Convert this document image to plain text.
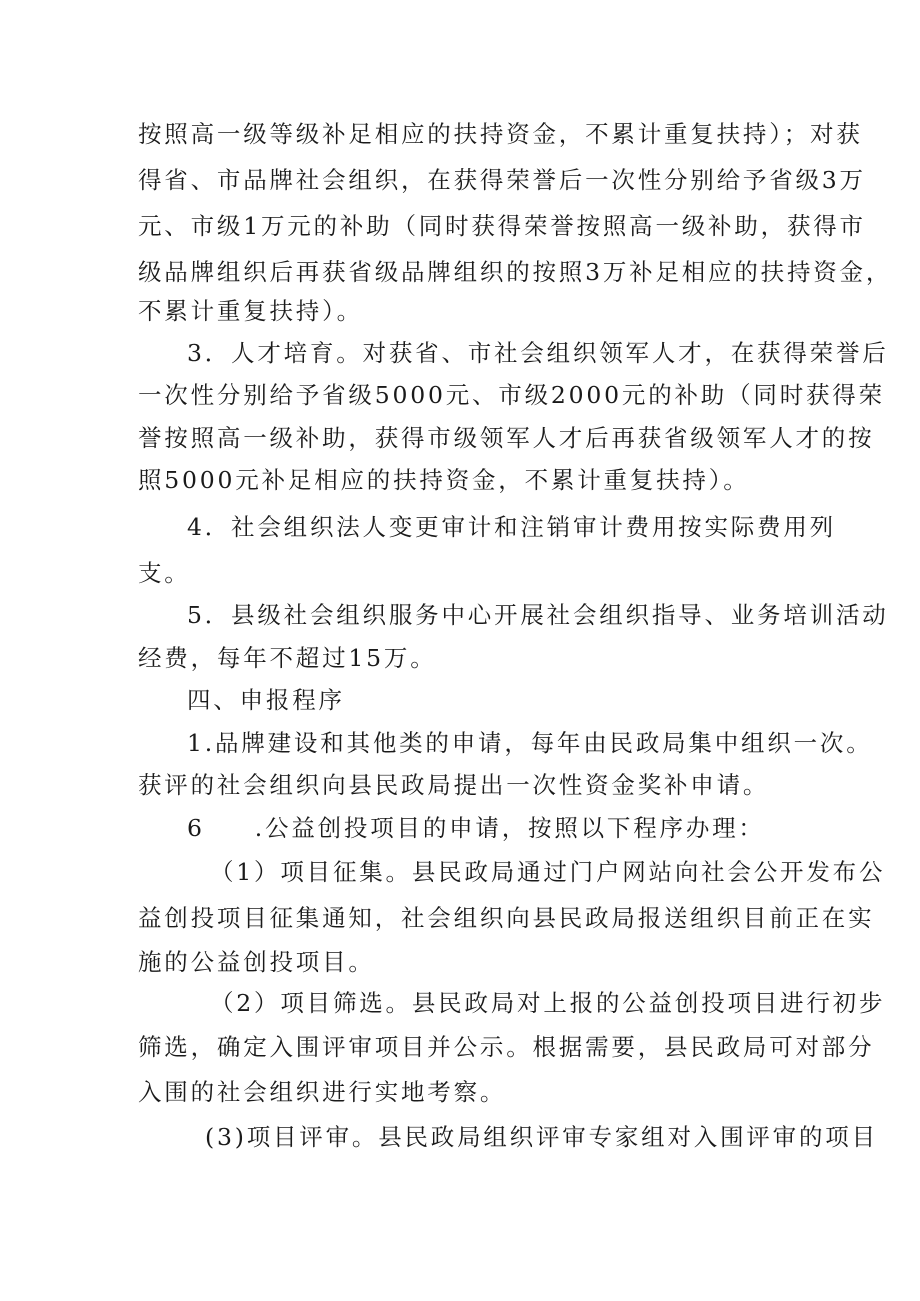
按照高一级等级补足相应的扶持资金，不累计重复扶持）；对获
得省、市品牌社会组织，在获得荣誉后一次性分别给予省级3万
元、市级1万元的补助（同时获得荣誉按照高一级补助，获得市
级品牌组织后再获省级品牌组织的按照3万补足相应的扶持资金，
不累计重复扶持）。
3．人才培育。对获省、市社会组织领军人才，在获得荣誉后
一次性分别给予省级5000元、市级2000元的补助（同时获得荣
誉按照高一级补助，获得市级领军人才后再获省级领军人才的按
照5000元补足相应的扶持资金，不累计重复扶持）。
4．社会组织法人变更审计和注销审计费用按实际费用列
支。
5．县级社会组织服务中心开展社会组织指导、业务培训活动
经费，每年不超过15万。
四、申报程序
1.品牌建设和其他类的申请，每年由民政局集中组织一次。
获评的社会组织向县民政局提出一次性资金奖补申请。
6 .公益创投项目的申请，按照以下程序办理：
（1）项目征集。县民政局通过门户网站向社会公开发布公
益创投项目征集通知，社会组织向县民政局报送组织目前正在实
施的公益创投项目。
（2）项目筛选。县民政局对上报的公益创投项目进行初步
筛选，确定入围评审项目并公示。根据需要，县民政局可对部分
入围的社会组织进行实地考察。
(3)项目评审。县民政局组织评审专家组对入围评审的项目
